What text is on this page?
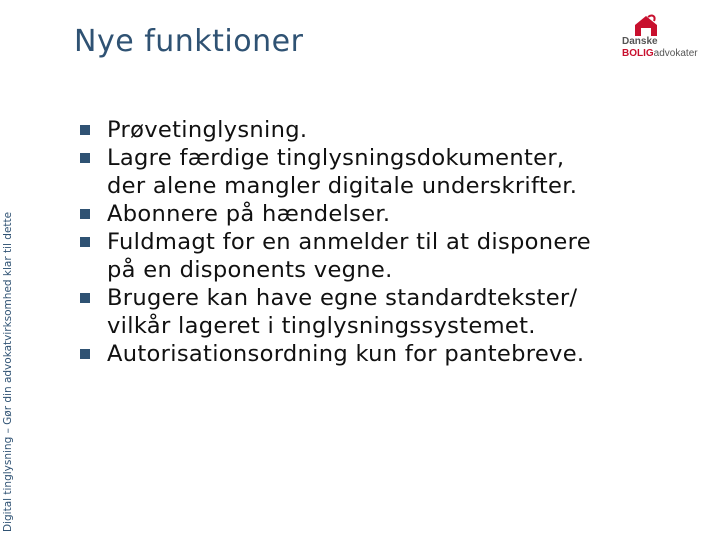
Nye funktioner
Digital tinglysning – Gør din advokatvirksomhed klar til dette
Danske
BOLIGadvokater
Prøvetinglysning.
Lagre færdige tinglysningsdokumenter,
der alene mangler digitale underskrifter.
Abonnere på hændelser.
Fuldmagt for en anmelder til at disponere
på en disponents vegne.
Brugere kan have egne standardtekster/
vilkår lageret i tinglysningssystemet.
Autorisationsordning kun for pantebreve.
